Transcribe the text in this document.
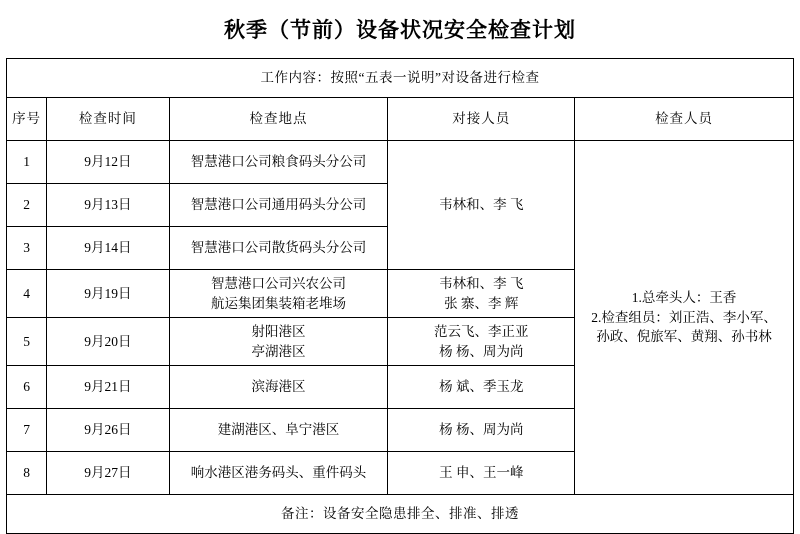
秋季（节前）设备状况安全检查计划
工作内容：按照“五表一说明”对设备进行检查				
序号	检查时间	检查地点	对接人员	检查人员
1	9月12日	智慧港口公司粮食码头分公司	韦林和、李 飞	1.总牵头人：王香
2.检查组员：刘正浩、李小军、
孙政、倪旅军、黄翔、孙书林

2	9月13日	智慧港口公司通用码头分公司		
3	9月14日	智慧港口公司散货码头分公司		
4	9月19日	智慧港口公司兴农公司
航运集团集装箱老堆场	韦林和、李 飞
张 寨、李 辉	

5	9月20日	射阳港区
亭湖港区	范云飞、李正亚
杨 杨、周为尚	

6	9月21日	滨海港区	杨 斌、季玉龙	
7	9月26日	建湖港区、阜宁港区	杨 杨、周为尚	
8	9月27日	响水港区港务码头、重件码头	王 申、王一峰	
备注：设备安全隐患排全、排准、排透				
